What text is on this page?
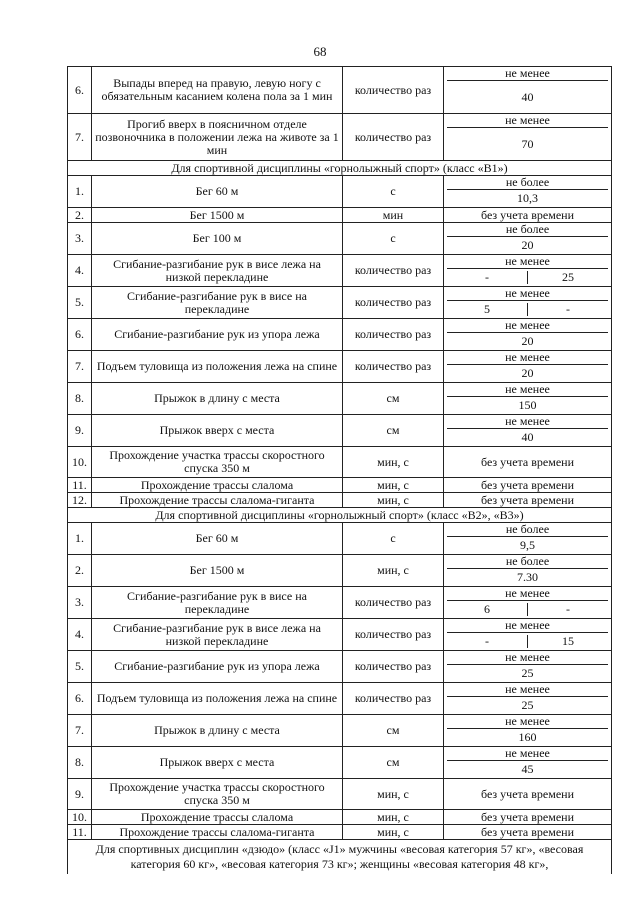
68
6.	Выпады вперед на правую, левую ногу с обязательным касанием колена пола за 1 мин	количество раз	не менее
40

7.	Прогиб вверх в поясничном отделе позвоночника в положении лежа на животе за 1 мин	количество раз	не менее
70

Для спортивной дисциплины «горнолыжный спорт» (класс «В1»)			
1.	Бег 60 м	с	не более
10,3

2.	Бег 1500 м	мин	без учета времени
3.	Бег 100 м	с	не более
20

4.	Сгибание-разгибание рук в висе лежа на низкой перекладине	количество раз	не менее
- 25

5.	Сгибание-разгибание рук в висе на перекладине	количество раз	не менее
5 -

6.	Сгибание-разгибание рук из упора лежа	количество раз	не менее
20

7.	Подъем туловища из положения лежа на спине	количество раз	не менее
20

8.	Прыжок в длину с места	см	не менее
150

9.	Прыжок вверх с места	см	не менее
40

10.	Прохождение участка трассы скоростного спуска 350 м	мин, с	без учета времени
11.	Прохождение трассы слалома	мин, с	без учета времени
12.	Прохождение трассы слалома-гиганта	мин, с	без учета времени
Для спортивной дисциплины «горнолыжный спорт» (класс «В2», «В3»)			
1.	Бег 60 м	с	не более
9,5

2.	Бег 1500 м	мин, с	не более
7.30

3.	Сгибание-разгибание рук в висе на перекладине	количество раз	не менее
6 -

4.	Сгибание-разгибание рук в висе лежа на низкой перекладине	количество раз	не менее
- 15

5.	Сгибание-разгибание рук из упора лежа	количество раз	не менее
25

6.	Подъем туловища из положения лежа на спине	количество раз	не менее
25

7.	Прыжок в длину с места	см	не менее
160

8.	Прыжок вверх с места	см	не менее
45

9.	Прохождение участка трассы скоростного спуска 350 м	мин, с	без учета времени
10.	Прохождение трассы слалома	мин, с	без учета времени
11.	Прохождение трассы слалома-гиганта	мин, с	без учета времени
Для спортивных дисциплин «дзюдо» (класс «J1» мужчины «весовая категория 57 кг», «весовая категория 60 кг», «весовая категория 73 кг»; женщины «весовая категория 48 кг»,			
